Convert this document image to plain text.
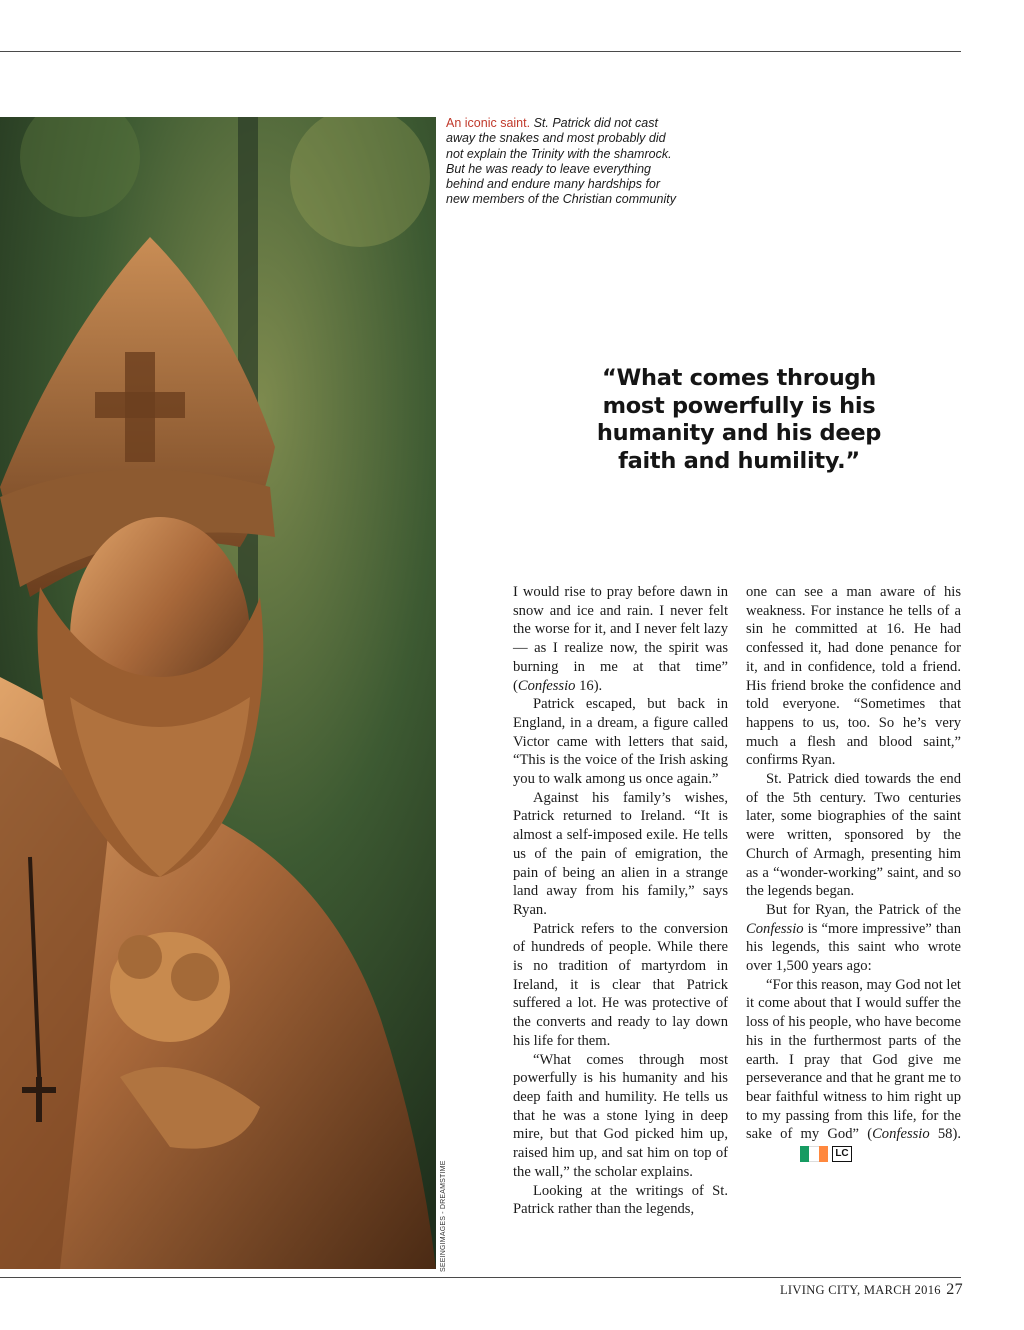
SEEINGIMAGES - DREAMSTIME
An iconic saint. St. Patrick did not cast away the snakes and most probably did not explain the Trinity with the shamrock. But he was ready to leave everything behind and endure many hardships for new members of the Christian community
“What comes through most powerfully is his humanity and his deep faith and humility.”

I would rise to pray before dawn in snow and ice and rain. I never felt the worse for it, and I never felt lazy — as I realize now, the spirit was burning in me at that time” (Confessio 16).

Patrick escaped, but back in England, in a dream, a figure called Victor came with letters that said, “This is the voice of the Irish asking you to walk among us once again.”

Against his family’s wishes, Patrick returned to Ireland. “It is almost a self-imposed exile. He tells us of the pain of emigration, the pain of being an alien in a strange land away from his family,” says Ryan.

Patrick refers to the conversion of hundreds of people. While there is no tradition of martyrdom in Ireland, it is clear that Patrick suffered a lot. He was protective of the converts and ready to lay down his life for them.

“What comes through most powerfully is his humanity and his deep faith and humility. He tells us that he was a stone lying in deep mire, but that God picked him up, raised him up, and sat him on top of the wall,” the scholar explains.

Looking at the writings of St. Patrick rather than the legends,

one can see a man aware of his weakness. For instance he tells of a sin he committed at 16. He had confessed it, had done penance for it, and in confidence, told a friend. His friend broke the confidence and told everyone. “Sometimes that happens to us, too. So he’s very much a flesh and blood saint,” confirms Ryan.

St. Patrick died towards the end of the 5th century. Two centuries later, some biographies of the saint were written, sponsored by the Church of Armagh, presenting him as a “wonder-working” saint, and so the legends began.

But for Ryan, the Patrick of the Confessio is “more impressive” than his legends, this saint who wrote over 1,500 years ago:

“For this reason, may God not let it come about that I would suffer the loss of his people, who have become his in the furthermost parts of the earth. I pray that God give me perseverance and that he grant me to bear faithful witness to him right up to my passing from this life, for the sake of my God” (Confessio 58).
LC

LIVING CITY, MARCH 2016 27
